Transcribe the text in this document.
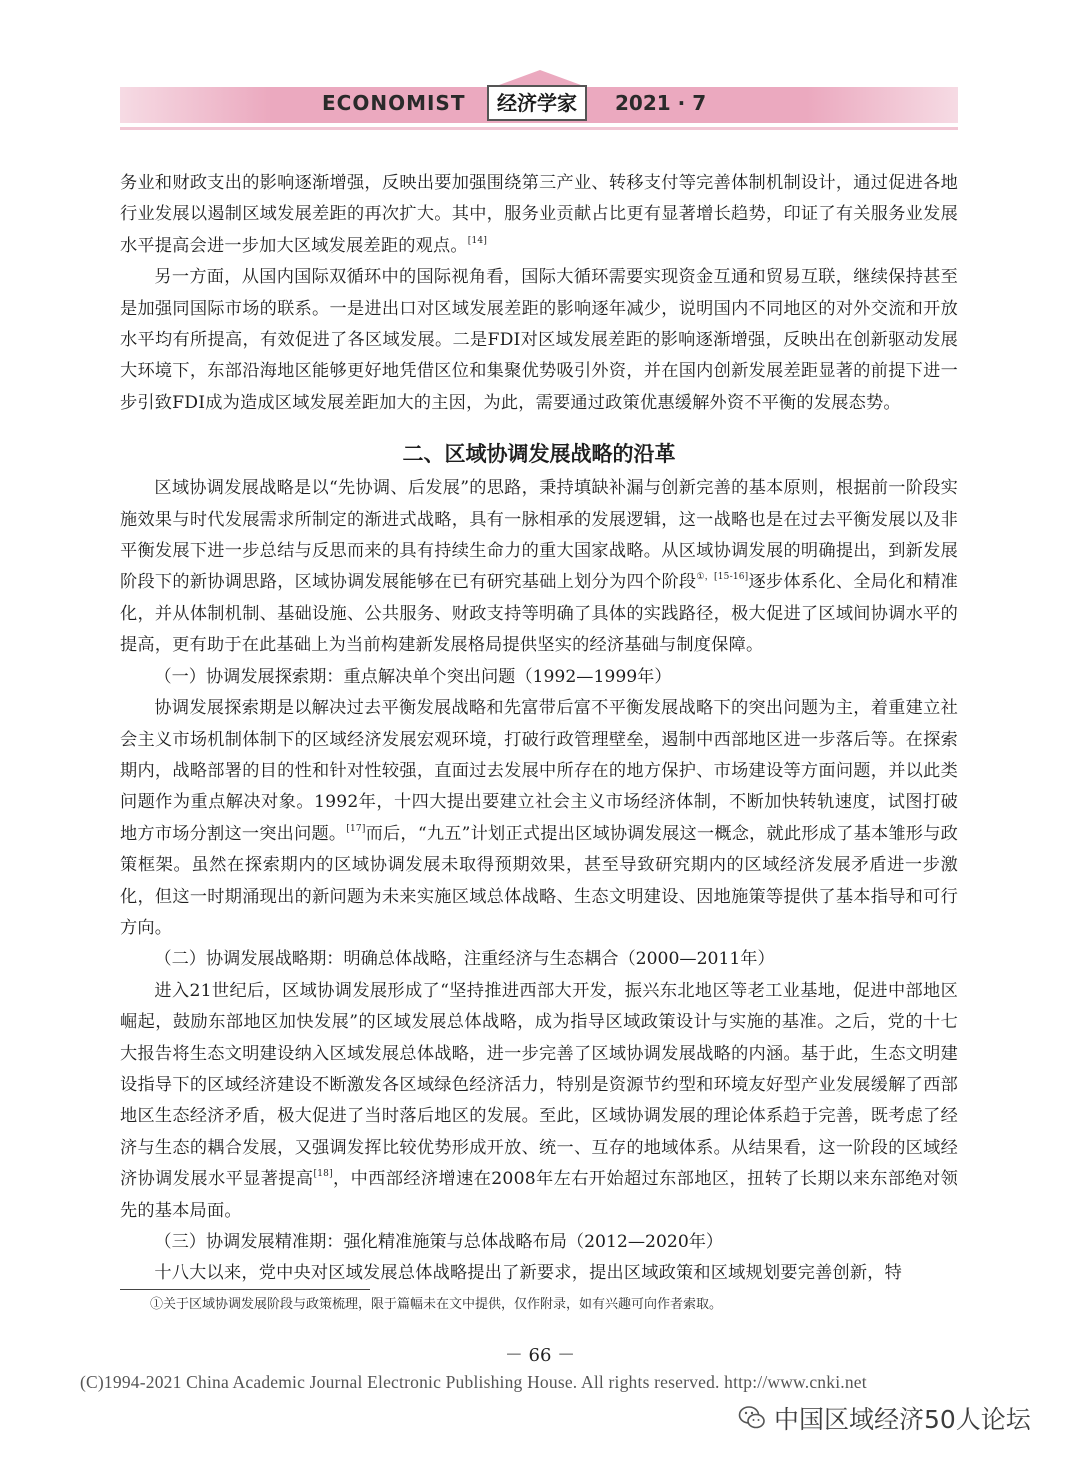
ECONOMIST	经济学家	2021 · 7

务业和财政支出的影响逐渐增强，反映出要加强围绕第三产业、转移支付等完善体制机制设计，通过促进各地行业发展以遏制区域发展差距的再次扩大。其中，服务业贡献占比更有显著增长趋势，印证了有关服务业发展水平提高会进一步加大区域发展差距的观点。[14]

另一方面，从国内国际双循环中的国际视角看，国际大循环需要实现资金互通和贸易互联，继续保持甚至是加强同国际市场的联系。一是进出口对区域发展差距的影响逐年减少，说明国内不同地区的对外交流和开放水平均有所提高，有效促进了各区域发展。二是FDI对区域发展差距的影响逐渐增强，反映出在创新驱动发展大环境下，东部沿海地区能够更好地凭借区位和集聚优势吸引外资，并在国内创新发展差距显著的前提下进一步引致FDI成为造成区域发展差距加大的主因，为此，需要通过政策优惠缓解外资不平衡的发展态势。

二、区域协调发展战略的沿革

区域协调发展战略是以“先协调、后发展”的思路，秉持填缺补漏与创新完善的基本原则，根据前一阶段实施效果与时代发展需求所制定的渐进式战略，具有一脉相承的发展逻辑，这一战略也是在过去平衡发展以及非平衡发展下进一步总结与反思而来的具有持续生命力的重大国家战略。从区域协调发展的明确提出，到新发展阶段下的新协调思路，区域协调发展能够在已有研究基础上划分为四个阶段$^{①,[15-16]}$逐步体系化、全局化和精准化，并从体制机制、基础设施、公共服务、财政支持等明确了具体的实践路径，极大促进了区域间协调水平的提高，更有助于在此基础上为当前构建新发展格局提供坚实的经济基础与制度保障。

（一）协调发展探索期：重点解决单个突出问题（1992—1999年）

协调发展探索期是以解决过去平衡发展战略和先富带后富不平衡发展战略下的突出问题为主，着重建立社会主义市场机制体制下的区域经济发展宏观环境，打破行政管理壁垒，遏制中西部地区进一步落后等。在探索期内，战略部署的目的性和针对性较强，直面过去发展中所存在的地方保护、市场建设等方面问题，并以此类问题作为重点解决对象。1992年，十四大提出要建立社会主义市场经济体制，不断加快转轨速度，试图打破地方市场分割这一突出问题。[17]而后，“九五”计划正式提出区域协调发展这一概念，就此形成了基本雏形与政策框架。虽然在探索期内的区域协调发展未取得预期效果，甚至导致研究期内的区域经济发展矛盾进一步激化，但这一时期涌现出的新问题为未来实施区域总体战略、生态文明建设、因地施策等提供了基本指导和可行方向。

（二）协调发展战略期：明确总体战略，注重经济与生态耦合（2000—2011年）

进入21世纪后，区域协调发展形成了“坚持推进西部大开发，振兴东北地区等老工业基地，促进中部地区崛起，鼓励东部地区加快发展”的区域发展总体战略，成为指导区域政策设计与实施的基准。之后，党的十七大报告将生态文明建设纳入区域发展总体战略，进一步完善了区域协调发展战略的内涵。基于此，生态文明建设指导下的区域经济建设不断激发各区域绿色经济活力，特别是资源节约型和环境友好型产业发展缓解了西部地区生态经济矛盾，极大促进了当时落后地区的发展。至此，区域协调发展的理论体系趋于完善，既考虑了经济与生态的耦合发展，又强调发挥比较优势形成开放、统一、互存的地域体系。从结果看，这一阶段的区域经济协调发展水平显著提高[18]，中西部经济增速在2008年左右开始超过东部地区，扭转了长期以来东部绝对领先的基本局面。

（三）协调发展精准期：强化精准施策与总体战略布局（2012—2020年）

十八大以来，党中央对区域发展总体战略提出了新要求，提出区域政策和区域规划要完善创新，特

①关于区域协调发展阶段与政策梳理，限于篇幅未在文中提供，仅作附录，如有兴趣可向作者索取。
－ 66 －
(C)1994-2021 China Academic Journal Electronic Publishing House. All rights reserved. http://www.cnki.net
中国区域经济50人论坛
